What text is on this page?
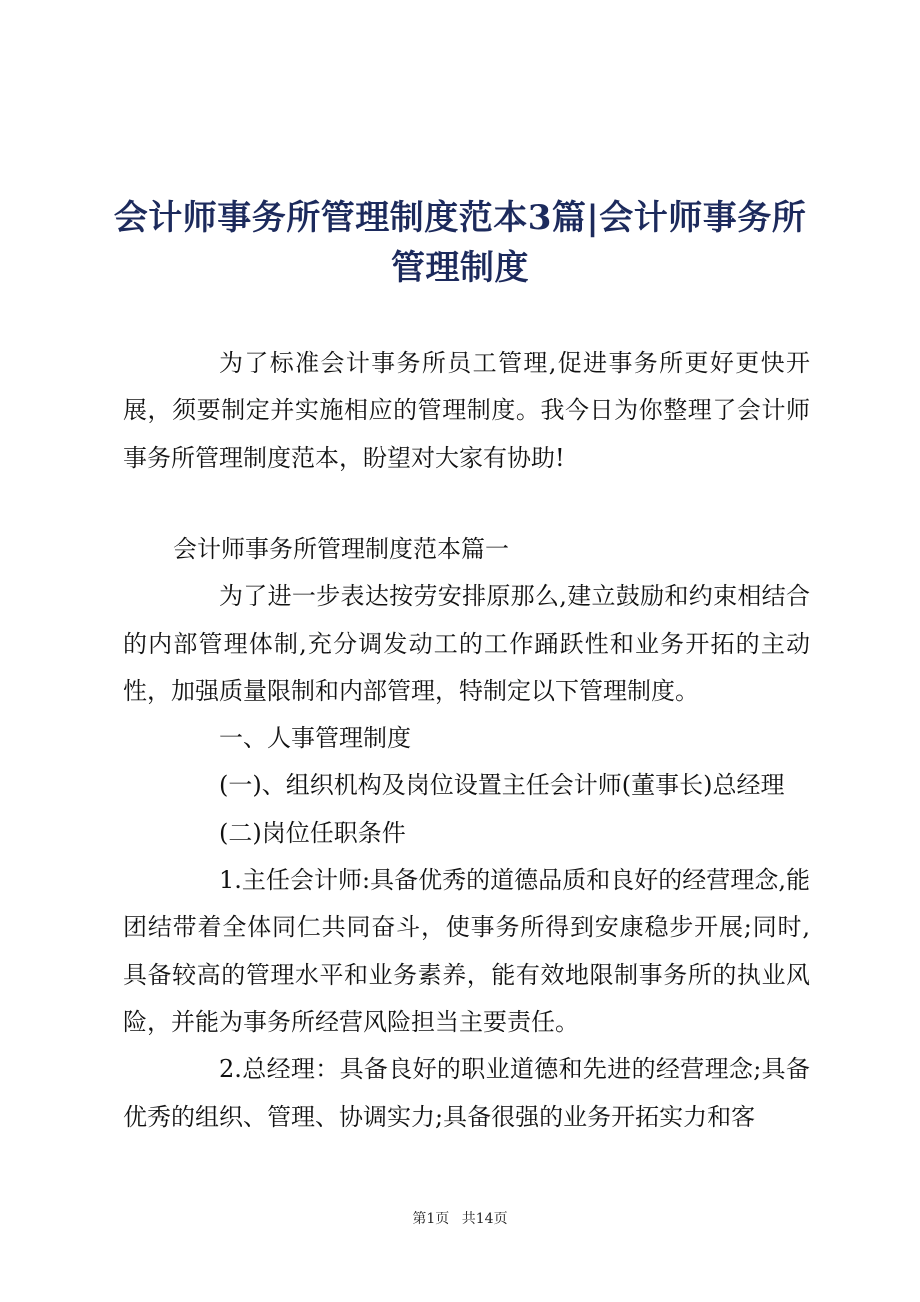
会计师事务所管理制度范本3篇|会计师事务所管理制度

为了标准会计事务所员工管理,促进事务所更好更快开展，须要制定并实施相应的管理制度。我今日为你整理了会计师事务所管理制度范本，盼望对大家有协助!

会计师事务所管理制度范本篇一

为了进一步表达按劳安排原那么,建立鼓励和约束相结合的内部管理体制,充分调发动工的工作踊跃性和业务开拓的主动性，加强质量限制和内部管理，特制定以下管理制度。

一、人事管理制度

(一)、组织机构及岗位设置主任会计师(董事长)总经理

(二)岗位任职条件

1.主任会计师:具备优秀的道德品质和良好的经营理念,能团结带着全体同仁共同奋斗，使事务所得到安康稳步开展;同时,具备较高的管理水平和业务素养，能有效地限制事务所的执业风险，并能为事务所经营风险担当主要责任。

2.总经理：具备良好的职业道德和先进的经营理念;具备优秀的组织、管理、协调实力;具备很强的业务开拓实力和客

第1页 共14页
